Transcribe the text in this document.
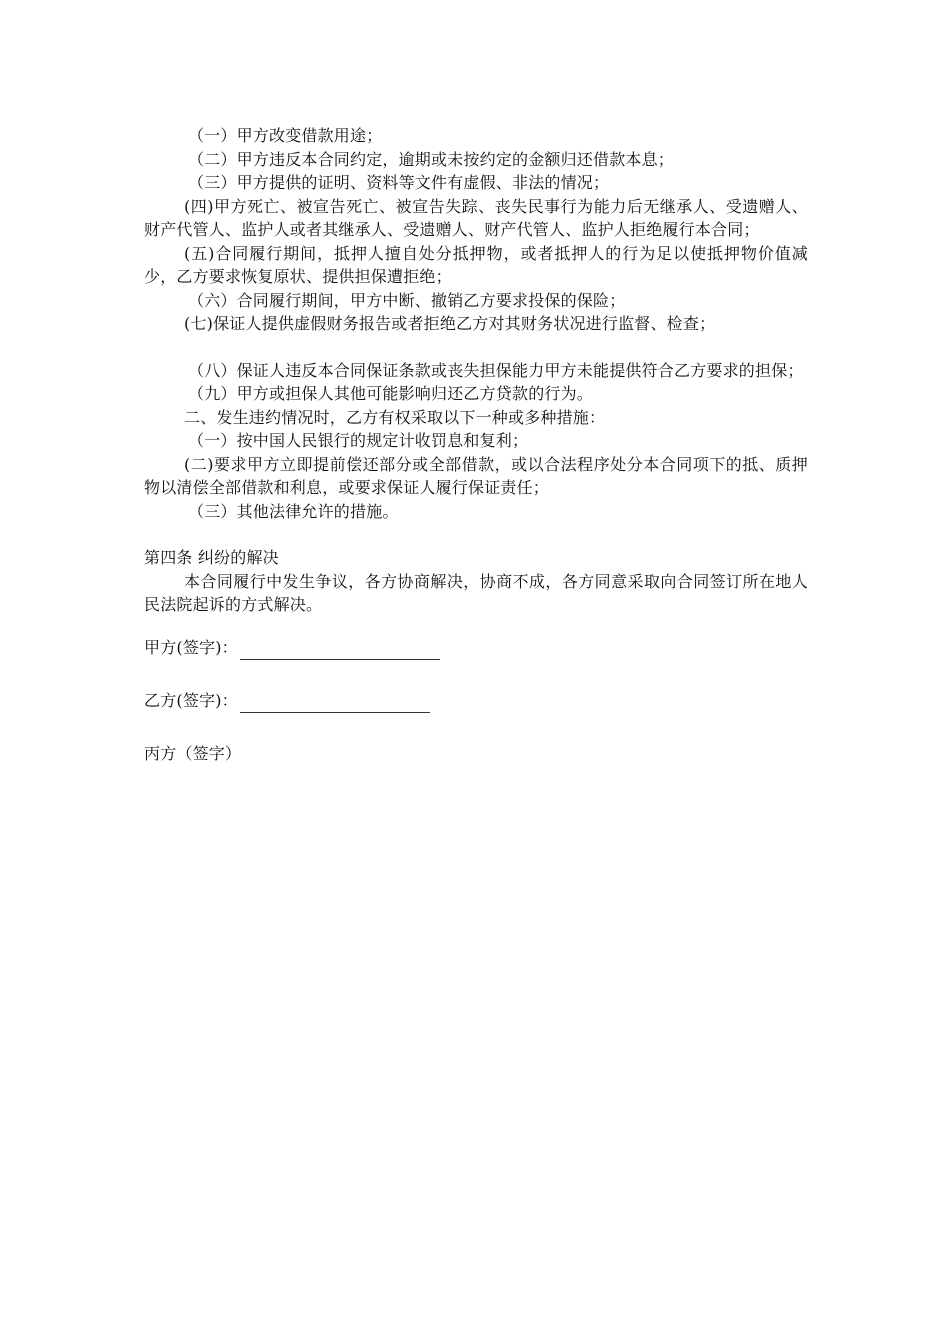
（一）甲方改变借款用途；

（二）甲方违反本合同约定，逾期或未按约定的金额归还借款本息；

（三）甲方提供的证明、资料等文件有虚假、非法的情况；

(四)甲方死亡、被宣告死亡、被宣告失踪、丧失民事行为能力后无继承人、受遗赠人、财产代管人、监护人或者其继承人、受遗赠人、财产代管人、监护人拒绝履行本合同；

(五)合同履行期间，抵押人擅自处分抵押物，或者抵押人的行为足以使抵押物价值减少，乙方要求恢复原状、提供担保遭拒绝；

（六）合同履行期间，甲方中断、撤销乙方要求投保的保险；

(七)保证人提供虚假财务报告或者拒绝乙方对其财务状况进行监督、检查；

（八）保证人违反本合同保证条款或丧失担保能力甲方未能提供符合乙方要求的担保；

（九）甲方或担保人其他可能影响归还乙方贷款的行为。

二、发生违约情况时，乙方有权采取以下一种或多种措施：

（一）按中国人民银行的规定计收罚息和复利；

(二)要求甲方立即提前偿还部分或全部借款，或以合法程序处分本合同项下的抵、质押物以清偿全部借款和利息，或要求保证人履行保证责任；

（三）其他法律允许的措施。

第四条 纠纷的解决

本合同履行中发生争议，各方协商解决，协商不成，各方同意采取向合同签订所在地人民法院起诉的方式解决。

甲方(签字)：

乙方(签字)：

丙方（签字）
